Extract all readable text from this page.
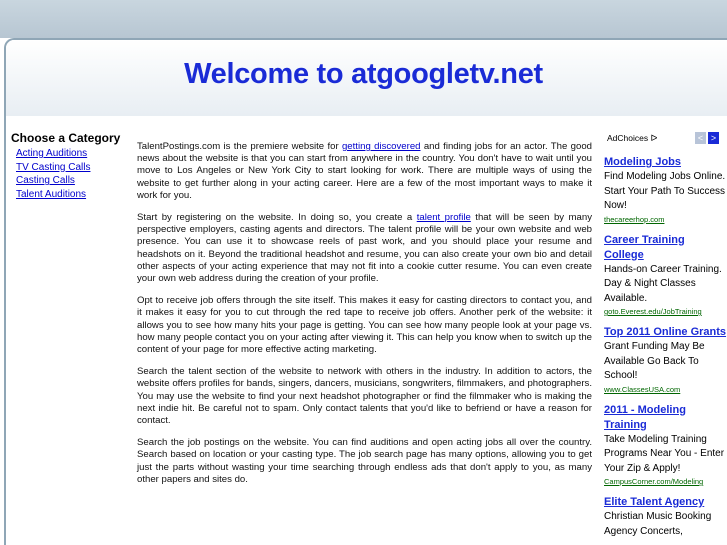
Welcome to atgoogletv.net
Choose a Category
Acting Auditions
TV Casting Calls
Casting Calls
Talent Auditions

TalentPostings.com is the premiere website for getting discovered and finding jobs for an actor. The good news about the website is that you can start from anywhere in the country. You don't have to wait until you move to Los Angeles or New York City to start looking for work. There are multiple ways of using the website to get further along in your acting career. Here are a few of the most important ways to make it work for you.

Start by registering on the website. In doing so, you create a talent profile that will be seen by many perspective employers, casting agents and directors. The talent profile will be your own website and web presence. You can use it to showcase reels of past work, and you should place your resume and headshots on it. Beyond the traditional headshot and resume, you can also create your own bio and detail other aspects of your acting experience that may not fit into a cookie cutter resume. You can even create your own web address during the creation of your profile.

Opt to receive job offers through the site itself. This makes it easy for casting directors to contact you, and it makes it easy for you to cut through the red tape to receive job offers. Another perk of the website: it allows you to see how many hits your page is getting. You can see how many people look at your page vs. how many people contact you on your acting after viewing it. This can help you know when to switch up the content of your page for more effective acting marketing.

Search the talent section of the website to network with others in the industry. In addition to actors, the website offers profiles for bands, singers, dancers, musicians, songwriters, filmmakers, and photographers. You may use the website to find your next headshot photographer or find the filmmaker who is making the next indie hit. Be careful not to spam. Only contact talents that you'd like to befriend or have a reason for contact.

Search the job postings on the website. You can find auditions and open acting jobs all over the country. Search based on location or your casting type. The job search page has many options, allowing you to get just the parts without wasting your time searching through endless ads that don't apply to you, as many other papers and sites do.

AdChoices ᐅ	< >
Modeling Jobs
Find Modeling Jobs Online. Start Your Path To Success Now!
thecareerhop.com
Career Training College
Hands-on Career Training. Day & Night Classes Available.
goto.Everest.edu/JobTraining
Top 2011 Online Grants
Grant Funding May Be Available Go Back To School!
www.ClassesUSA.com
2011 - Modeling Training
Take Modeling Training Programs Near You - Enter Your Zip & Apply!
CampusCorner.com/Modeling
Elite Talent Agency
Christian Music Booking Agency Concerts,
